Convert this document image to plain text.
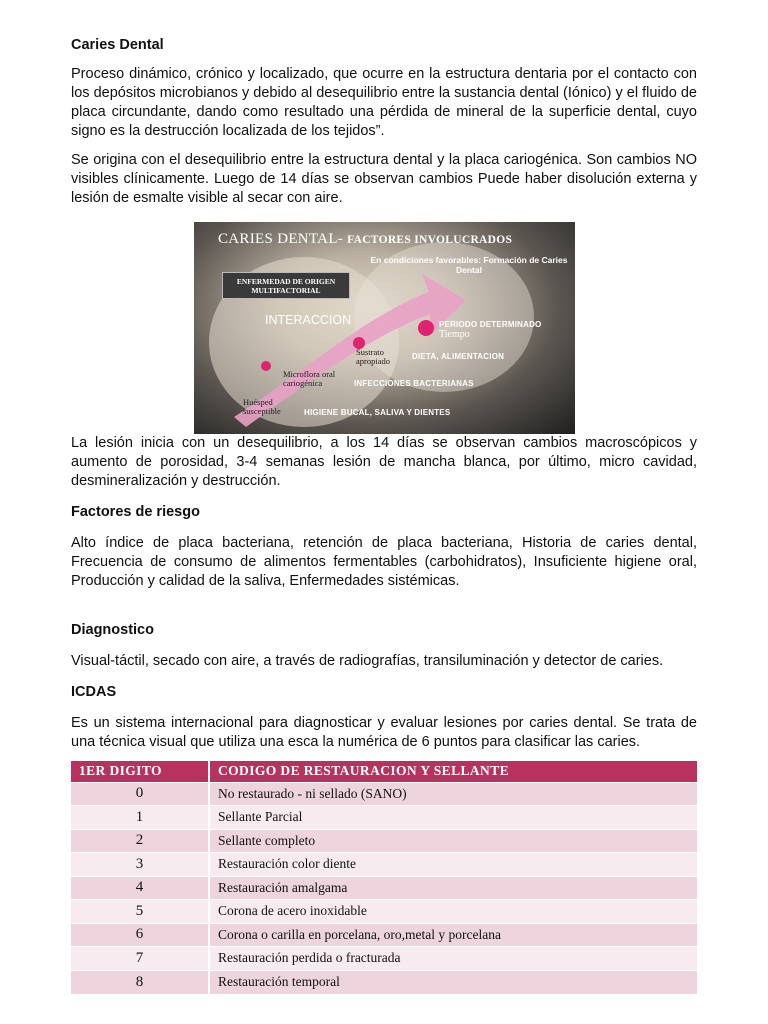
Caries Dental

Proceso dinámico, crónico y localizado, que ocurre en la estructura dentaria por el contacto con los depósitos microbianos y debido al desequilibrio entre la sustancia dental (Iónico) y el fluido de placa circundante, dando como resultado una pérdida de mineral de la superficie dental, cuyo signo es la destrucción localizada de los tejidos”.

Se origina con el desequilibrio entre la estructura dental y la placa cariogénica. Son cambios NO visibles clínicamente. Luego de 14 días se observan cambios Puede haber disolución externa y lesión de esmalte visible al secar con aire.

CARIES DENTAL- FACTORES INVOLUCRADOS
En condiciones favorables: Formación de Caries Dental
ENFERMEDAD DE ORIGEN MULTIFACTORIAL
INTERACCION	PERIODO DETERMINADO
Tiempo
DIETA, ALIMENTACION
INFECCIONES BACTERIANAS
HIGIENE BUCAL, SALIVA Y DIENTES
Sustrato apropiado
Microflora oral cariogénica
Huésped susceptible

La lesión inicia con un desequilibrio, a los 14 días se observan cambios macroscópicos y aumento de porosidad, 3-4 semanas lesión de mancha blanca, por último, micro cavidad, desmineralización y destrucción.

Factores de riesgo

Alto índice de placa bacteriana, retención de placa bacteriana, Historia de caries dental, Frecuencia de consumo de alimentos fermentables (carbohidratos), Insuficiente higiene oral, Producción y calidad de la saliva, Enfermedades sistémicas.

Diagnostico

Visual-táctil, secado con aire, a través de radiografías, transiluminación y detector de caries.

ICDAS

Es un sistema internacional para diagnosticar y evaluar lesiones por caries dental. Se trata de una técnica visual que utiliza una esca la numérica de 6 puntos para clasificar las caries.

1ER DIGITO	CODIGO DE RESTAURACION Y SELLANTE
0	No restaurado - ni sellado (SANO)
1	Sellante Parcial
2	Sellante completo
3	Restauración color diente
4	Restauración amalgama
5	Corona de acero inoxidable
6	Corona o carilla en porcelana, oro,metal y porcelana
7	Restauración perdida o fracturada
8	Restauración temporal
